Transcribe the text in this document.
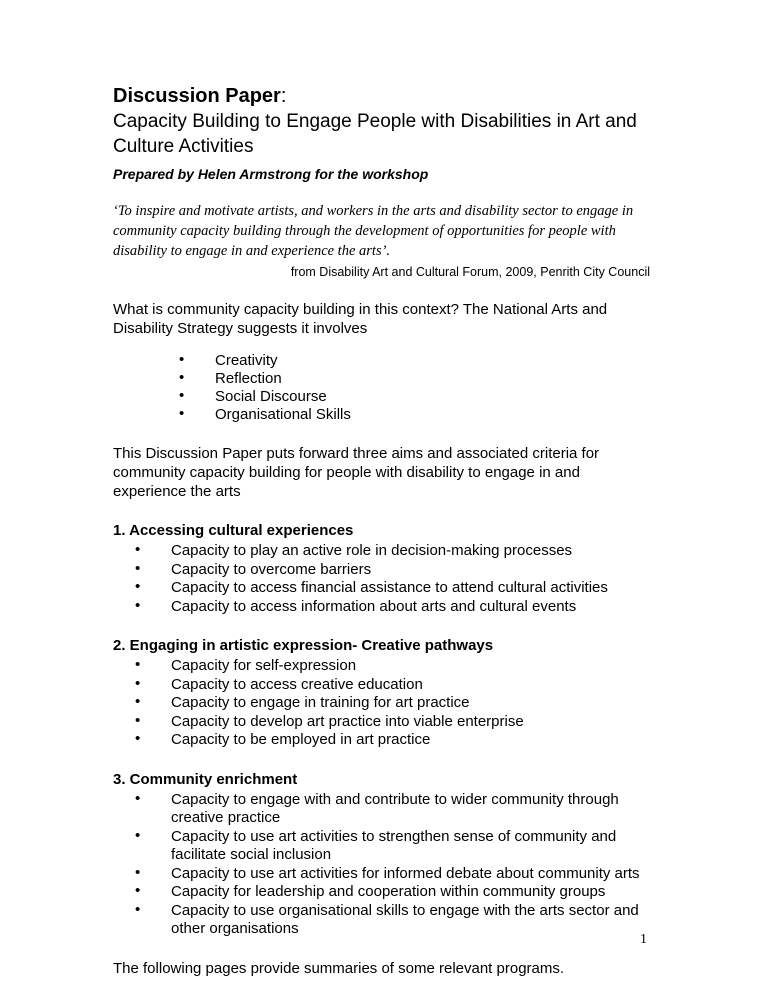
Discussion Paper:
Capacity Building to Engage People with Disabilities in Art and Culture Activities
Prepared by Helen Armstrong for the workshop
‘To inspire and motivate artists, and workers in the arts and disability sector to engage in community capacity building through the development of opportunities for people with disability to engage in and experience the arts’.
from Disability Art and Cultural Forum, 2009, Penrith City Council

What is community capacity building in this context? The National Arts and Disability Strategy suggests it involves

• Creativity
• Reflection
• Social Discourse
• Organisational Skills

This Discussion Paper puts forward three aims and associated criteria for community capacity building for people with disability to engage in and experience the arts

1. Accessing cultural experiences
• Capacity to play an active role in decision-making processes
• Capacity to overcome barriers
• Capacity to access financial assistance to attend cultural activities
• Capacity to access information about arts and cultural events
2. Engaging in artistic expression- Creative pathways
• Capacity for self-expression
• Capacity to access creative education
• Capacity to engage in training for art practice
• Capacity to develop art practice into viable enterprise
• Capacity to be employed in art practice
3. Community enrichment
• Capacity to engage with and contribute to wider community through creative practice
• Capacity to use art activities to strengthen sense of community and facilitate social inclusion
• Capacity to use art activities for informed debate about community arts
• Capacity for leadership and cooperation within community groups
• Capacity to use organisational skills to engage with the arts sector and other organisations

The following pages provide summaries of some relevant programs.

1
